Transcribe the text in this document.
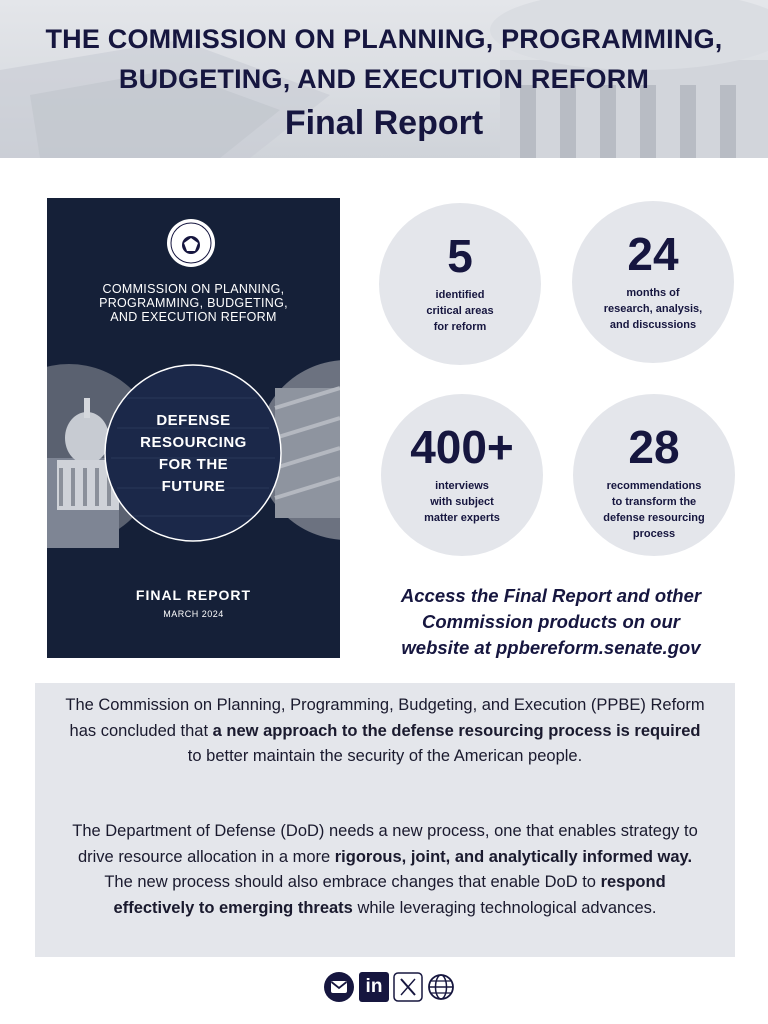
THE COMMISSION ON PLANNING, PROGRAMMING,
BUDGETING, AND EXECUTION REFORM
Final Report
COMMISSION ON PLANNING,
PROGRAMMING, BUDGETING,
AND EXECUTION REFORM
DEFENSE
RESOURCING
FOR THE
FUTURE
FINAL REPORT
MARCH 2024
5
identified
critical areas
for reform
24
months of
research, analysis,
and discussions
400+
interviews
with subject
matter experts
28
recommendations
to transform the
defense resourcing
process
Access the Final Report and other
Commission products on our
website at ppbereform.senate.gov

The Commission on Planning, Programming, Budgeting, and Execution (PPBE) Reform has concluded that a new approach to the defense resourcing process is required to better maintain the security of the American people.

The Department of Defense (DoD) needs a new process, one that enables strategy to drive resource allocation in a more rigorous, joint, and analytically informed way. The new process should also embrace changes that enable DoD to respond effectively to emerging threats while leveraging technological advances.

in
